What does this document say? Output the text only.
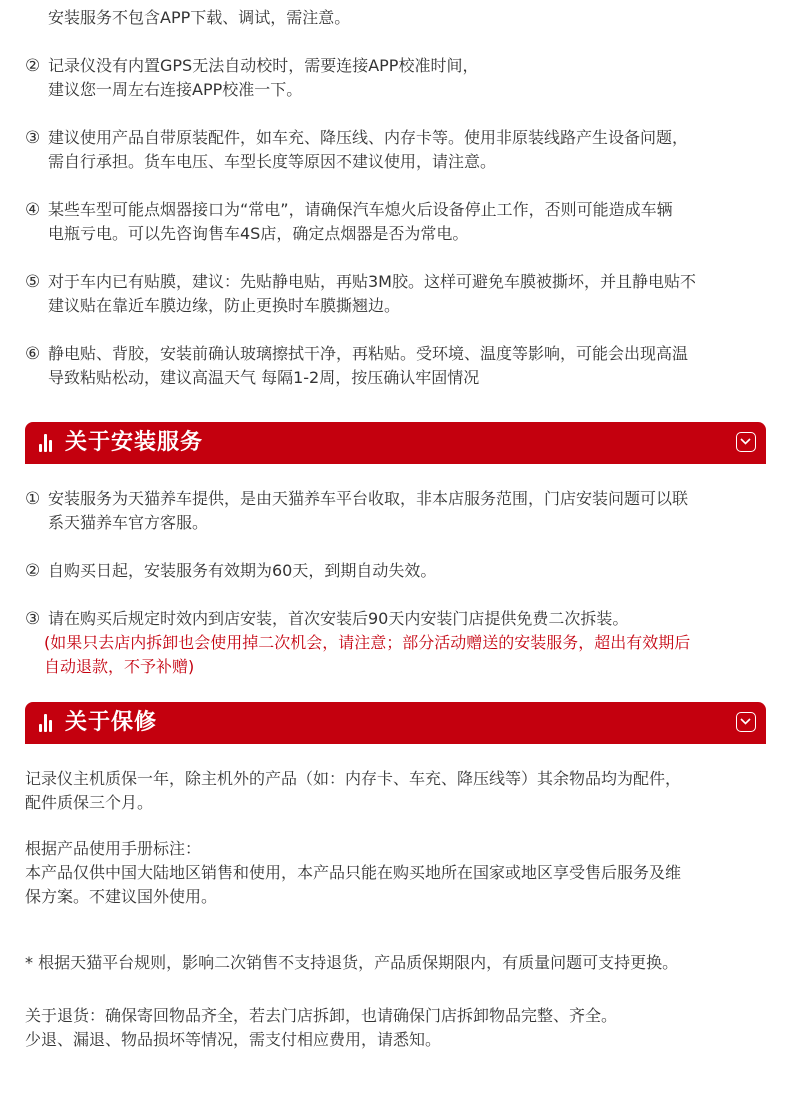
安装服务不包含APP下载、调试，需注意。
② 记录仪没有内置GPS无法自动校时，需要连接APP校准时间，
建议您一周左右连接APP校准一下。
③ 建议使用产品自带原装配件，如车充、降压线、内存卡等。使用非原装线路产生设备问题，
需自行承担。货车电压、车型长度等原因不建议使用，请注意。
④ 某些车型可能点烟器接口为“常电”，请确保汽车熄火后设备停止工作，否则可能造成车辆
电瓶亏电。可以先咨询售车4S店，确定点烟器是否为常电。
⑤ 对于车内已有贴膜，建议：先贴静电贴，再贴3M胶。这样可避免车膜被撕坏，并且静电贴不
建议贴在靠近车膜边缘，防止更换时车膜撕翘边。
⑥ 静电贴、背胶，安装前确认玻璃擦拭干净，再粘贴。受环境、温度等影响，可能会出现高温
导致粘贴松动，建议高温天气 每隔1-2周，按压确认牢固情况
关于安装服务
① 安装服务为天猫养车提供，是由天猫养车平台收取，非本店服务范围，门店安装问题可以联
系天猫养车官方客服。
② 自购买日起，安装服务有效期为60天，到期自动失效。
③ 请在购买后规定时效内到店安装，首次安装后90天内安装门店提供免费二次拆装。
(如果只去店内拆卸也会使用掉二次机会，请注意；部分活动赠送的安装服务，超出有效期后
自动退款，不予补赠)
关于保修
记录仪主机质保一年，除主机外的产品（如：内存卡、车充、降压线等）其余物品均为配件，
配件质保三个月。
根据产品使用手册标注：
本产品仅供中国大陆地区销售和使用，本产品只能在购买地所在国家或地区享受售后服务及维
保方案。不建议国外使用。
* 根据天猫平台规则，影响二次销售不支持退货，产品质保期限内，有质量问题可支持更换。
关于退货：确保寄回物品齐全，若去门店拆卸，也请确保门店拆卸物品完整、齐全。
少退、漏退、物品损坏等情况，需支付相应费用，请悉知。
